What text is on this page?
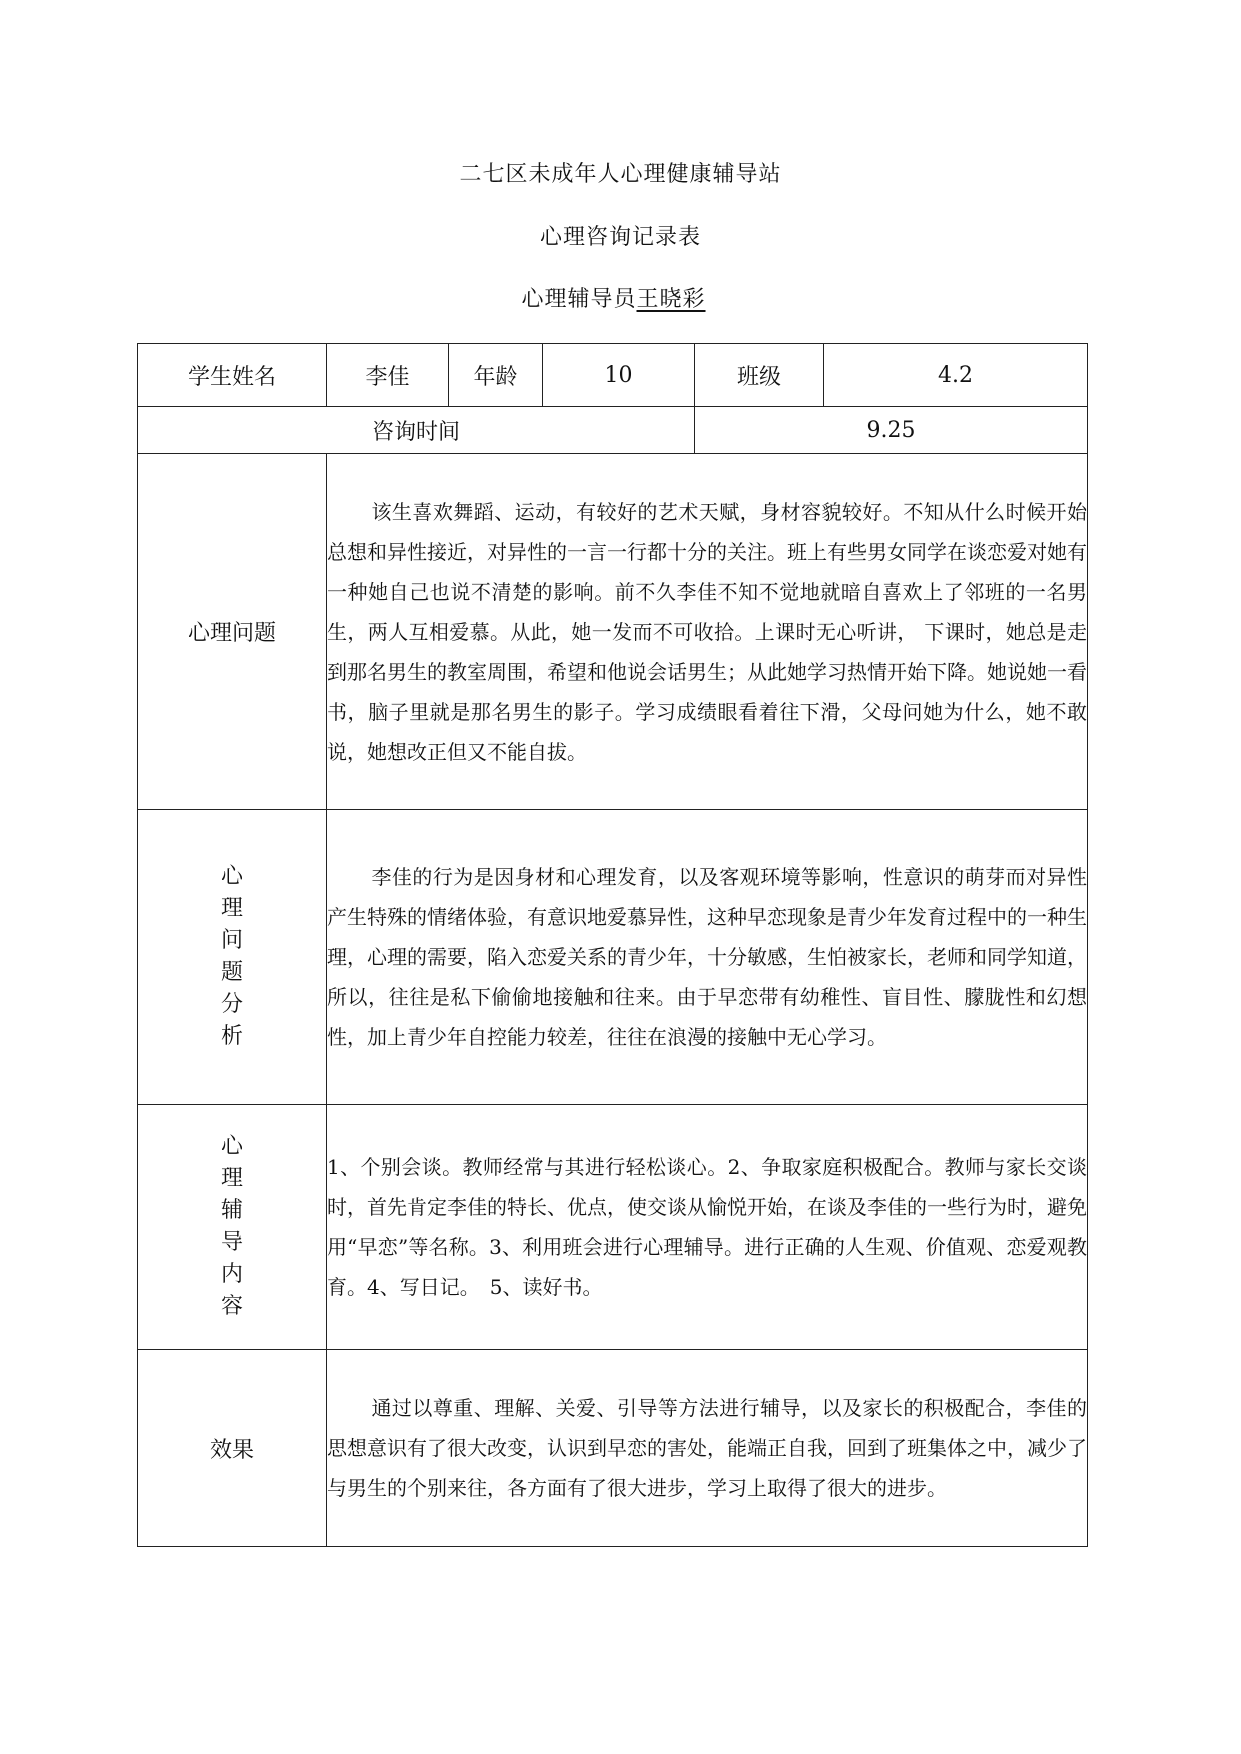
二七区未成年人心理健康辅导站
心理咨询记录表
心理辅导员王晓彩
学生姓名	李佳	年龄	10	班级	4.2
咨询时间				9.25	
心理问题	该生喜欢舞蹈、运动，有较好的艺术天赋，身材容貌较好。不知从什么时候开始总想和异性接近，对异性的一言一行都十分的关注。班上有些男女同学在谈恋爱对她有一种她自己也说不清楚的影响。前不久李佳不知不觉地就暗自喜欢上了邻班的一名男生，两人互相爱慕。从此，她一发而不可收拾。上课时无心听讲， 下课时，她总是走到那名男生的教室周围，希望和他说会话男生；从此她学习热情开始下降。她说她一看书，脑子里就是那名男生的影子。学习成绩眼看着往下滑，父母问她为什么，她不敢说，她想改正但又不能自拔。				
心理问题分析	李佳的行为是因身材和心理发育，以及客观环境等影响，性意识的萌芽而对异性产生特殊的情绪体验，有意识地爱慕异性，这种早恋现象是青少年发育过程中的一种生理，心理的需要，陷入恋爱关系的青少年，十分敏感，生怕被家长，老师和同学知道，所以，往往是私下偷偷地接触和往来。由于早恋带有幼稚性、盲目性、朦胧性和幻想性，加上青少年自控能力较差，往往在浪漫的接触中无心学习。				
心理辅导内容	1、个别会谈。教师经常与其进行轻松谈心。2、争取家庭积极配合。教师与家长交谈时，首先肯定李佳的特长、优点，使交谈从愉悦开始，在谈及李佳的一些行为时，避免用“早恋”等名称。3、利用班会进行心理辅导。进行正确的人生观、价值观、恋爱观教育。4、写日记。　5、读好书。				
效果	通过以尊重、理解、关爱、引导等方法进行辅导，以及家长的积极配合，李佳的思想意识有了很大改变，认识到早恋的害处，能端正自我，回到了班集体之中，减少了与男生的个别来往，各方面有了很大进步，学习上取得了很大的进步。				
